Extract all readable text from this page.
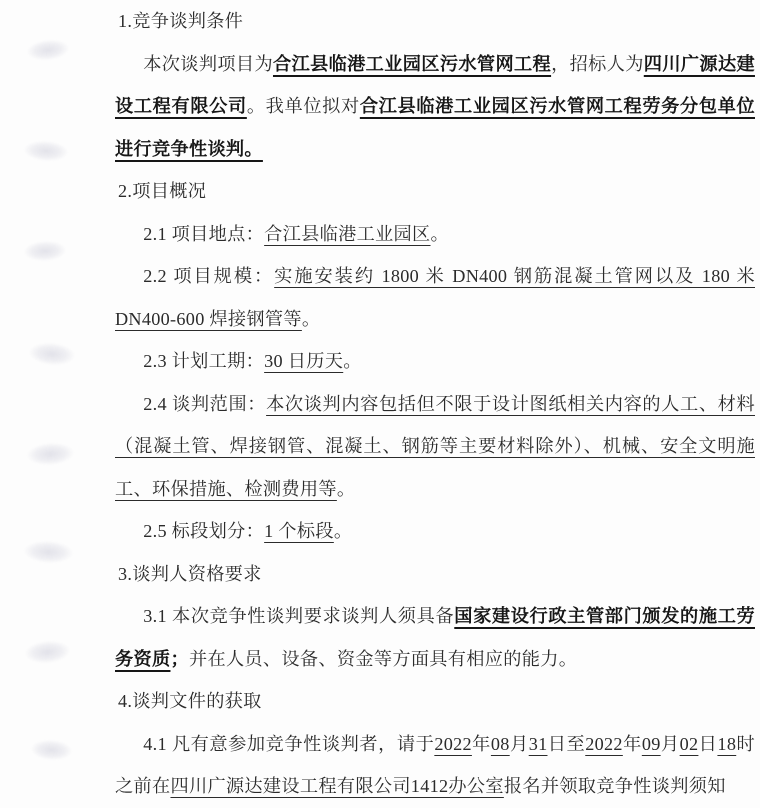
1.竞争谈判条件

本次谈判项目为合江县临港工业园区污水管网工程，招标人为四川广源达建设工程有限公司。我单位拟对合江县临港工业园区污水管网工程劳务分包单位进行竞争性谈判。

2.项目概况

2.1 项目地点：合江县临港工业园区。

2.2 项目规模：实施安装约 1800 米 DN400 钢筋混凝土管网以及 180 米 DN400-600 焊接钢管等。

2.3 计划工期：30 日历天。

2.4 谈判范围：本次谈判内容包括但不限于设计图纸相关内容的人工、材料（混凝土管、焊接钢管、混凝土、钢筋等主要材料除外）、机械、安全文明施工、环保措施、检测费用等。

2.5 标段划分：1 个标段。

3.谈判人资格要求

3.1 本次竞争性谈判要求谈判人须具备国家建设行政主管部门颁发的施工劳务资质；并在人员、设备、资金等方面具有相应的能力。

4.谈判文件的获取

4.1 凡有意参加竞争性谈判者，请于2022年08月31日至2022年09月02日18时之前在四川广源达建设工程有限公司1412办公室报名并领取竞争性谈判须知
